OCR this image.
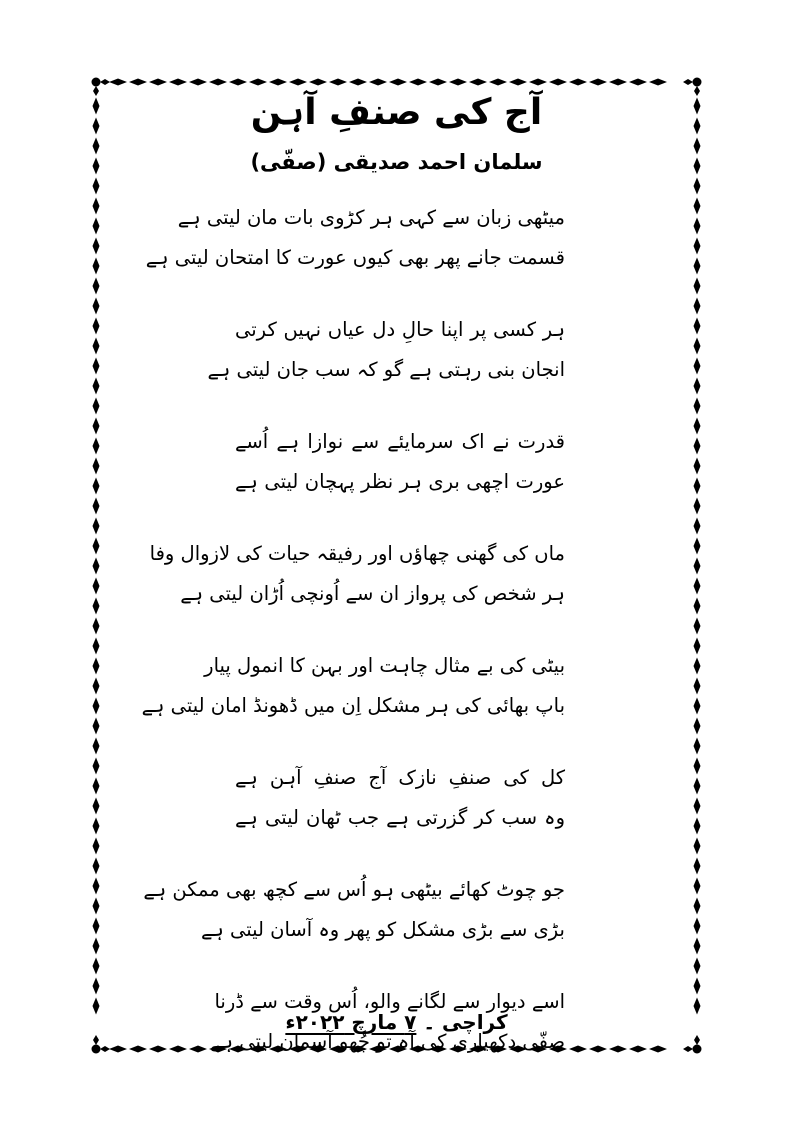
آج کی صنفِ آہن
سلمان احمد صدیقی (صفّی)
میٹھی زبان سے کہی ہر کڑوی بات مان لیتی ہے
قسمت جانے پھر بھی کیوں عورت کا امتحان لیتی ہے
ہر کسی پر اپنا حالِ دل عیاں نہیں کرتی
انجان بنی رہتی ہے گو کہ سب جان لیتی ہے
قدرت نے اک سرمایئے سے نوازا ہے اُسے
عورت اچھی بری ہر نظر پہچان لیتی ہے
ماں کی گھنی چھاؤں اور رفیقہ حیات کی لازوال وفا
ہر شخص کی پرواز ان سے اُونچی اُڑان لیتی ہے
بیٹی کی بے مثال چاہت اور بہن کا انمول پیار
باپ بھائی کی ہر مشکل اِن میں ڈھونڈ امان لیتی ہے
کل کی صنفِ نازک آج صنفِ آہن ہے
وہ سب کر گزرتی ہے جب ٹھان لیتی ہے
جو چوٹ کھائے بیٹھی ہو اُس سے کچھ بھی ممکن ہے
بڑی سے بڑی مشکل کو پھر وہ آسان لیتی ہے
اسے دیوار سے لگانے والو، اُس وقت سے ڈرنا
صفّی دکھیاری کی آہ تو چُھو آسمان لیتی ہے
کراچی ۔ ۷ مارچ ۲۰۲۲ء
